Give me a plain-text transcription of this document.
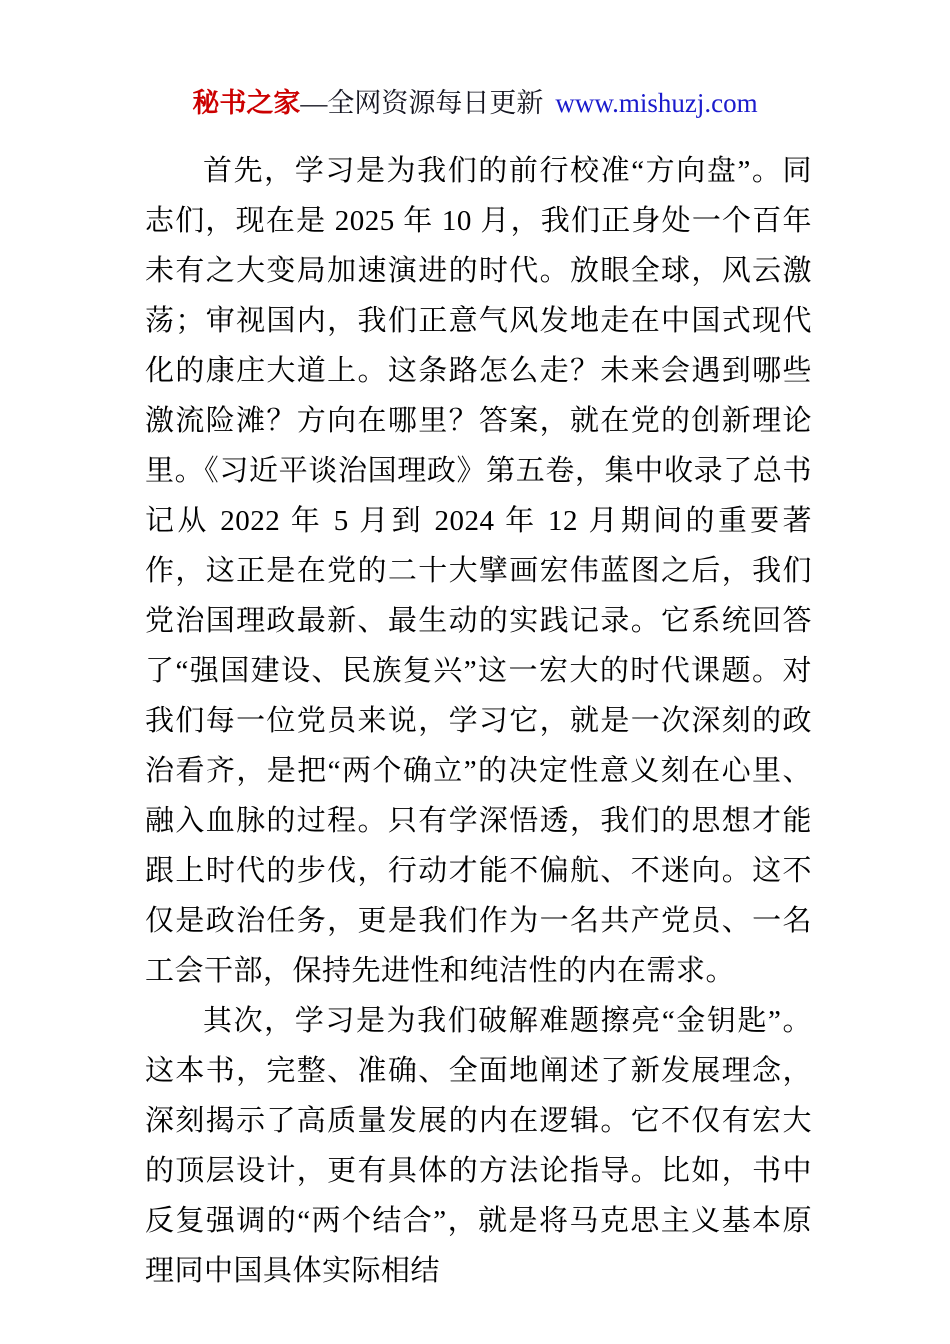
秘书之家—全网资源每日更新 www.mishuzj.com

首先，学习是为我们的前行校准“方向盘”。同志们，现在是 2025 年 10 月，我们正身处一个百年未有之大变局加速演进的时代。放眼全球，风云激荡；审视国内，我们正意气风发地走在中国式现代化的康庄大道上。这条路怎么走？未来会遇到哪些激流险滩？方向在哪里？答案，就在党的创新理论里。《习近平谈治国理政》第五卷，集中收录了总书记从 2022 年 5 月到 2024 年 12 月期间的重要著作，这正是在党的二十大擘画宏伟蓝图之后，我们党治国理政最新、最生动的实践记录。它系统回答了“强国建设、民族复兴”这一宏大的时代课题。对我们每一位党员来说，学习它，就是一次深刻的政治看齐，是把“两个确立”的决定性意义刻在心里、融入血脉的过程。只有学深悟透，我们的思想才能跟上时代的步伐，行动才能不偏航、不迷向。这不仅是政治任务，更是我们作为一名共产党员、一名工会干部，保持先进性和纯洁性的内在需求。

其次，学习是为我们破解难题擦亮“金钥匙”。这本书，完整、准确、全面地阐述了新发展理念，深刻揭示了高质量发展的内在逻辑。它不仅有宏大的顶层设计，更有具体的方法论指导。比如，书中反复强调的“两个结合”，就是将马克思主义基本原理同中国具体实际相结
